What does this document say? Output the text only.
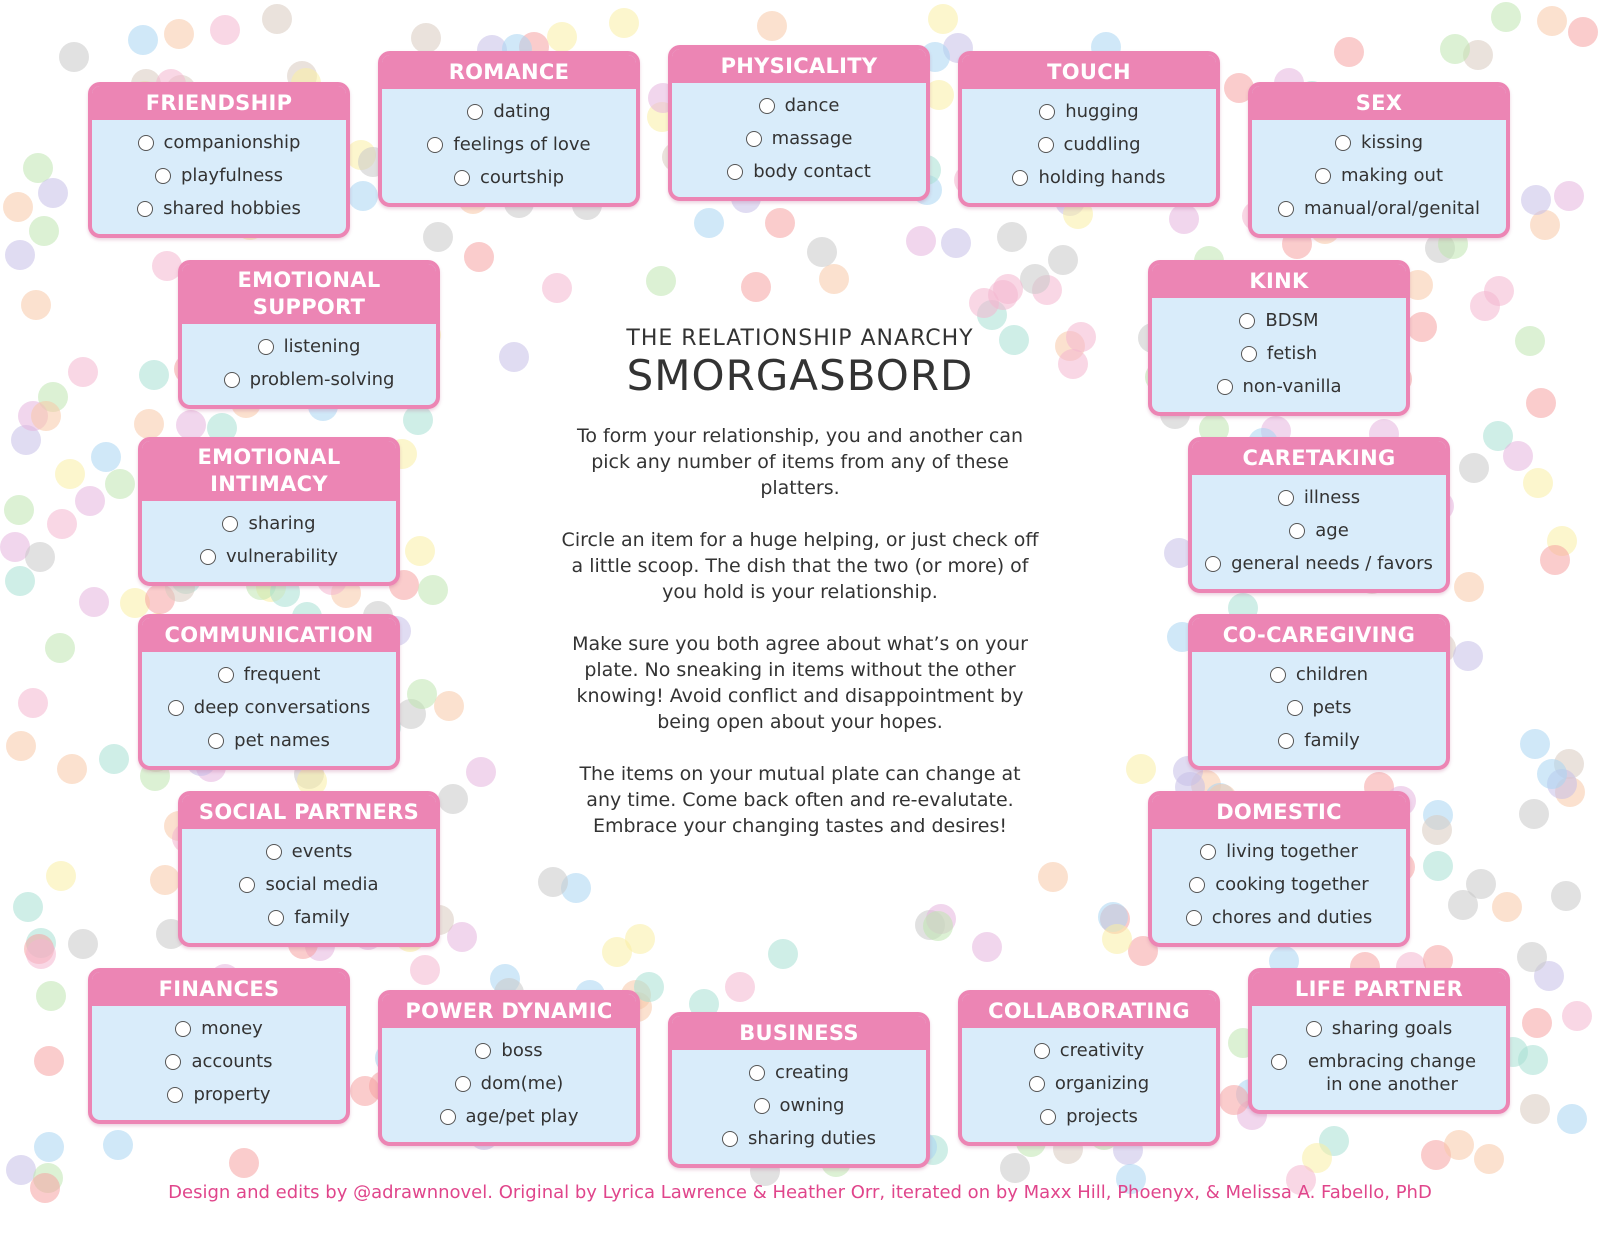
FRIENDSHIP
companionship
playfulness
shared hobbies
ROMANCE
dating
feelings of love
courtship
PHYSICALITY
dance
massage
body contact
TOUCH
hugging
cuddling
holding hands
SEX
kissing
making out
manual/oral/genital
EMOTIONAL SUPPORT
listening
problem-solving
KINK
BDSM
fetish
non-vanilla
EMOTIONAL INTIMACY
sharing
vulnerability
CARETAKING
illness
age
general needs / favors
COMMUNICATION
frequent
deep conversations
pet names
CO-CAREGIVING
children
pets
family
SOCIAL PARTNERS
events
social media
family
DOMESTIC
living together
cooking together
chores and duties
FINANCES
money
accounts
property
POWER DYNAMIC
boss
dom(me)
age/pet play
BUSINESS
creating
owning
sharing duties
COLLABORATING
creativity
organizing
projects
LIFE PARTNER
sharing goals
embracing change in one another
THE RELATIONSHIP ANARCHY
SMORGASBORD

To form your relationship, you and another can pick any number of items from any of these platters.

Circle an item for a huge helping, or just check off a little scoop. The dish that the two (or more) of you hold is your relationship.

Make sure you both agree about what’s on your plate. No sneaking in items without the other knowing! Avoid conflict and disappointment by being open about your hopes.

The items on your mutual plate can change at any time. Come back often and re-evalutate. Embrace your changing tastes and desires!

Design and edits by @adrawnnovel. Original by Lyrica Lawrence & Heather Orr, iterated on by Maxx Hill, Phoenyx, & Melissa A. Fabello, PhD
